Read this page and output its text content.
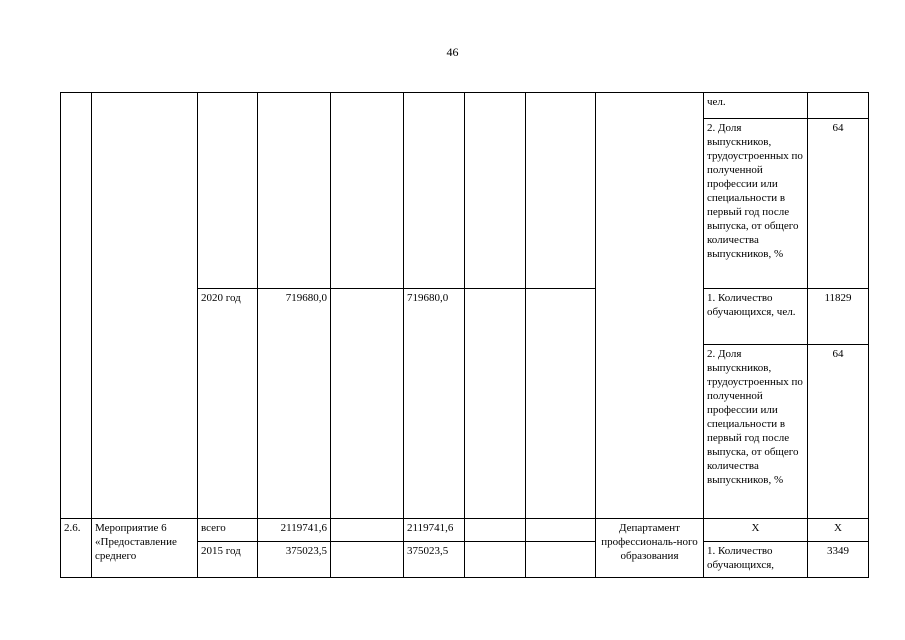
46
									чел.	
									2. Доля выпускников, трудоустроенных по полученной профессии или специальности в первый год после выпуска, от общего количества выпускников, %	64
		2020 год	719680,0		719680,0				1. Количество обучающихся, чел.	11829
									2. Доля выпускников, трудоустроенных по полученной профессии или специальности в первый год после выпуска, от общего количества выпускников, %	64
2.6.	Мероприятие 6 «Предоставление среднего	всего	2119741,6		2119741,6			Департамент профессиональ-ного образования	Х	Х
		2015 год	375023,5		375023,5				1. Количество обучающихся,	3349
